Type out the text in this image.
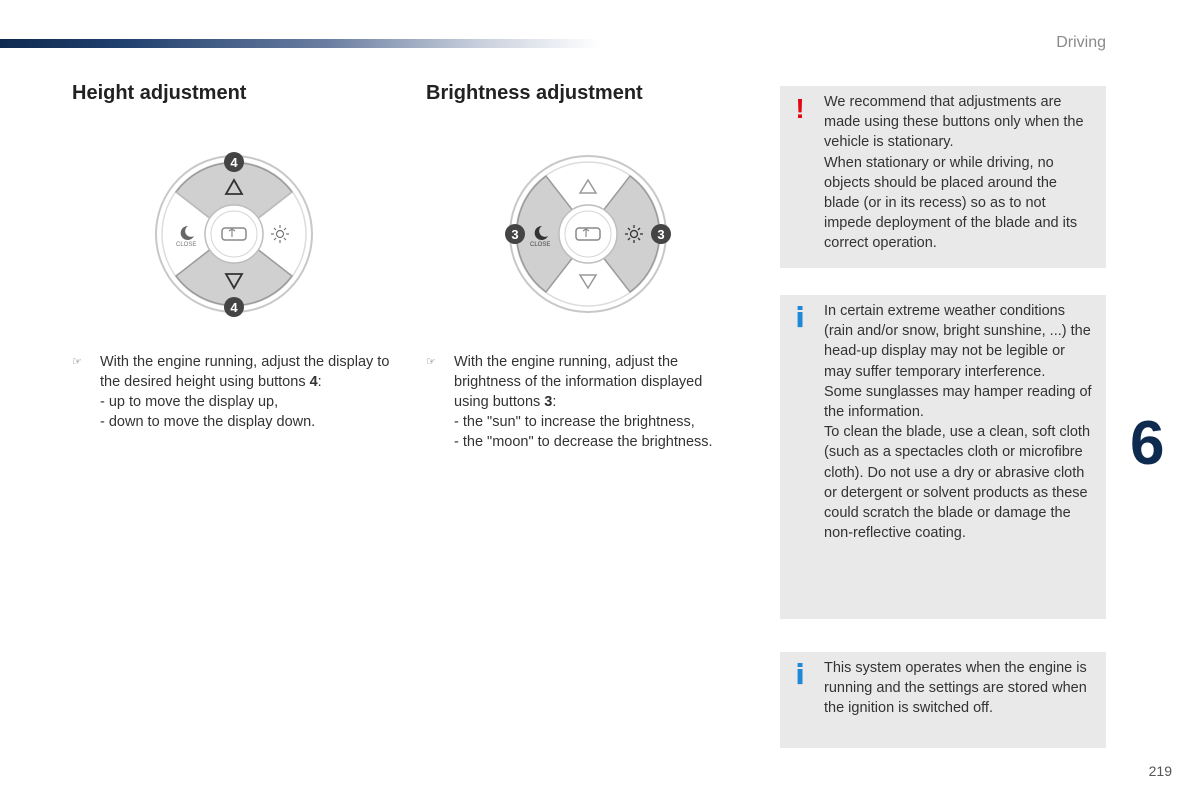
Driving
Height adjustment
CLOSE
4
4
☞ With the engine running, adjust the display to the desired height using buttons 4:
- up to move the display up,
- down to move the display down.
Brightness adjustment
CLOSE
3	3
☞ With the engine running, adjust the brightness of the information displayed using buttons 3:
- the "sun" to increase the brightness,
- the "moon" to decrease the brightness.
! We recommend that adjustments are made using these buttons only when the vehicle is stationary.
When stationary or while driving, no objects should be placed around the blade (or in its recess) so as to not impede deployment of the blade and its correct operation.

i In certain extreme weather conditions (rain and/or snow, bright sunshine, ...) the head-up display may not be legible or may suffer temporary interference.
Some sunglasses may hamper reading of the information.
To clean the blade, use a clean, soft cloth (such as a spectacles cloth or microfibre cloth). Do not use a dry or abrasive cloth or detergent or solvent products as these could scratch the blade or damage the non-reflective coating.

i This system operates when the engine is running and the settings are stored when the ignition is switched off.

6
219
